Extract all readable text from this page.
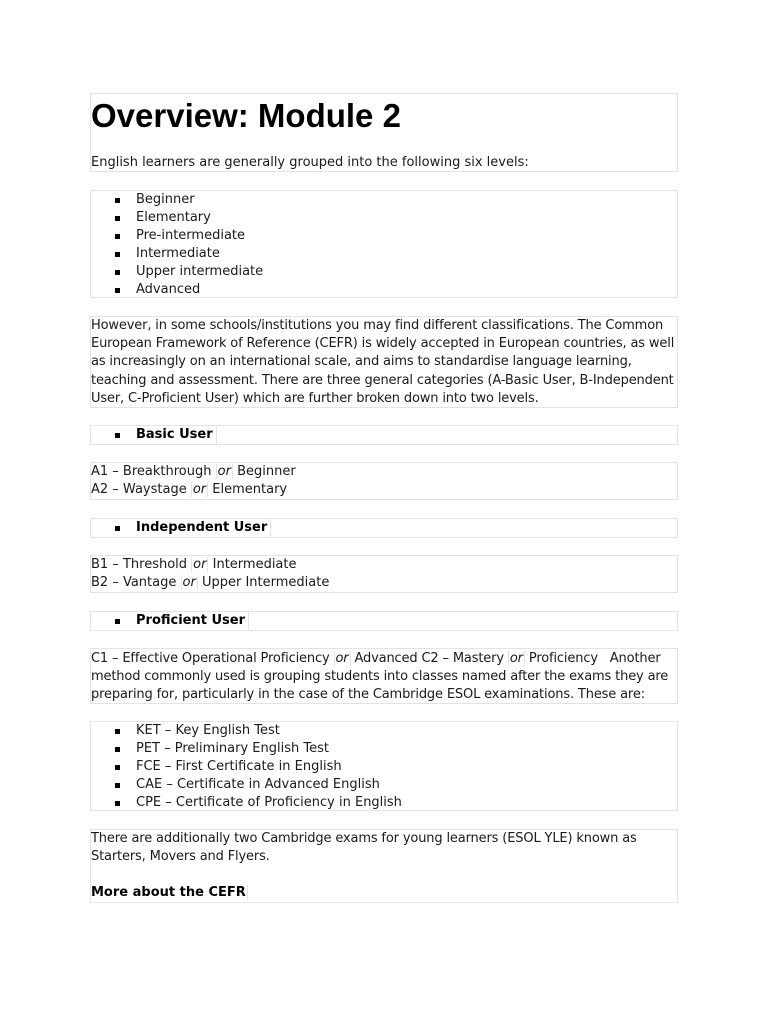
Overview: Module 2
English learners are generally grouped into the following six levels:
Beginner
Elementary
Pre-intermediate
Intermediate
Upper intermediate
Advanced

However, in some schools/institutions you may find different classifications. The Common
European Framework of Reference (CEFR) is widely accepted in European countries, as well
as increasingly on an international scale, and aims to standardise language learning,
teaching and assessment. There are three general categories (A-Basic User, B-Independent
User, C-Proficient User) which are further broken down into two levels.

Basic User
A1 – Breakthrough or Beginner
A2 – Waystage or Elementary
Independent User
B1 – Threshold or Intermediate
B2 – Vantage or Upper Intermediate
Proficient User
C1 – Effective Operational Proficiency or Advanced C2 – Mastery or Proficiency   Another
method commonly used is grouping students into classes named after the exams they are
preparing for, particularly in the case of the Cambridge ESOL examinations. These are:
KET – Key English Test
PET – Preliminary English Test
FCE – First Certificate in English
CAE – Certificate in Advanced English
CPE – Certificate of Proficiency in English
There are additionally two Cambridge exams for young learners (ESOL YLE) known as
Starters, Movers and Flyers.
More about the CEFR
